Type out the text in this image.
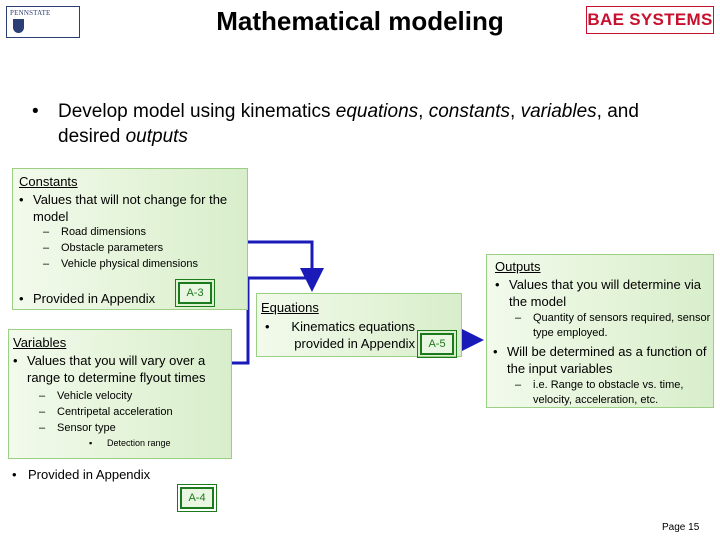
PENNSTATE	Mathematical modeling	BAE SYSTEMS
• Develop model using kinematics equations, constants, variables, and desired outputs
Constants
• Values that will not change for the model
– Road dimensions
– Obstacle parameters
– Vehicle physical dimensions
• Provided in Appendix	A-3
Variables
• Values that you will vary over a range to determine flyout times
– Vehicle velocity
– Centripetal acceleration
– Sensor type
▪ Detection range
• Provided in Appendix
A-4
Equations
•	Kinematics equations provided in Appendix	A-5
Outputs
• Values that you will determine via the model
– Quantity of sensors required, sensor type employed.
• Will be determined as a function of the input variables
– i.e. Range to obstacle vs. time, velocity, acceleration, etc.
Page 15
